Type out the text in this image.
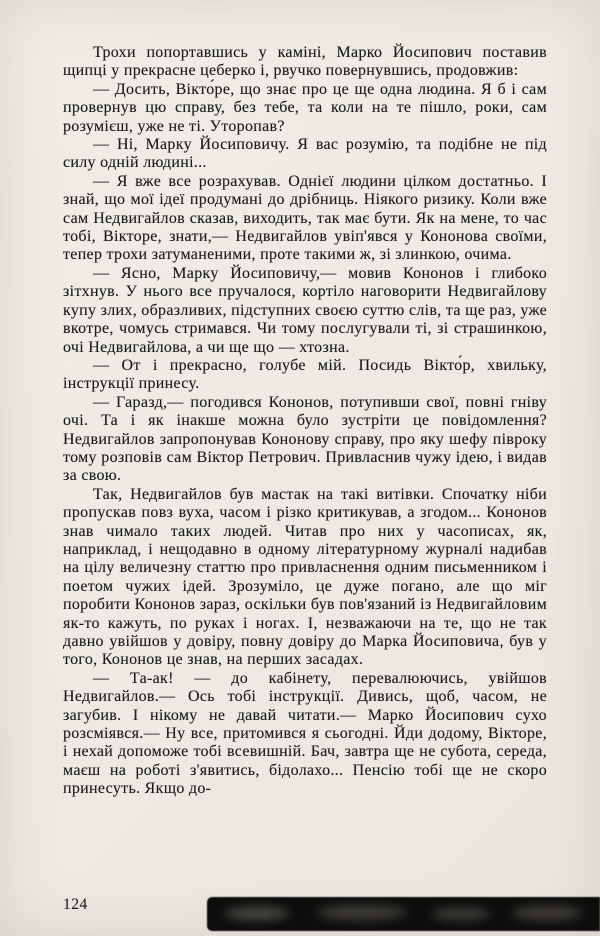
Трохи попортавшись у каміні, Марко Йосипович поставив щипці у прекрасне цеберко і, рвучко повернувшись, продовжив:

— Досить, Вікто́ре, що знає про це ще одна людина. Я б і сам провернув цю справу, без тебе, та коли на те пішло, роки, сам розумієш, уже не ті. Уторопав?

— Ні, Марку Йосиповичу. Я вас розумію, та подібне не під силу одній людині...

— Я вже все розрахував. Однієї людини цілком достатньо. І знай, що мої ідеї продумані до дрібниць. Ніякого ризику. Коли вже сам Недвигайлов сказав, виходить, так має бути. Як на мене, то час тобі, Вікторе, знати,— Недвигайлов увіп'явся у Кононова своїми, тепер трохи затуманеними, проте такими ж, зі злинкою, очима.

— Ясно, Марку Йосиповичу,— мовив Кононов і глибоко зітхнув. У нього все пручалося, кортіло наговорити Недвигайлову купу злих, образливих, підступних своєю суттю слів, та ще раз, уже вкотре, чомусь стримався. Чи тому послугували ті, зі страшинкою, очі Недвигайлова, а чи ще що — хтозна.

— От і прекрасно, голубе мій. Посидь Вікто́р, хвильку, інструкції принесу.

— Гаразд,— погодився Кононов, потупивши свої, повні гніву очі. Та і як інакше можна було зустріти це повідомлення? Недвигайлов запропонував Кононову справу, про яку шефу півроку тому розповів сам Віктор Петрович. Привласнив чужу ідею, і видав за свою.

Так, Недвигайлов був мастак на такі витівки. Спочатку ніби пропускав повз вуха, часом і різко критикував, а згодом... Кононов знав чимало таких людей. Читав про них у часописах, як, наприклад, і нещодавно в одному літературному журналі надибав на цілу величезну статтю про привласнення одним письменником і поетом чужих ідей. Зрозуміло, це дуже погано, але що міг поробити Кононов зараз, оскільки був пов'язаний із Недвигайловим як-то кажуть, по руках і ногах. І, незважаючи на те, що не так давно увійшов у довіру, повну довіру до Марка Йосиповича, був у того, Кононов це знав, на перших засадах.

— Та-ак! — до кабінету, перевалюючись, увійшов Недвигайлов.— Ось тобі інструкції. Дивись, щоб, часом, не загубив. І нікому не давай читати.— Марко Йосипович сухо розсміявся.— Ну все, притомився я сьогодні. Йди додому, Вікторе, і нехай допоможе тобі всевишній. Бач, завтра ще не субота, середа, маєш на роботі з'явитись, бідолахо... Пенсію тобі ще не скоро принесуть. Якщо до-

124
